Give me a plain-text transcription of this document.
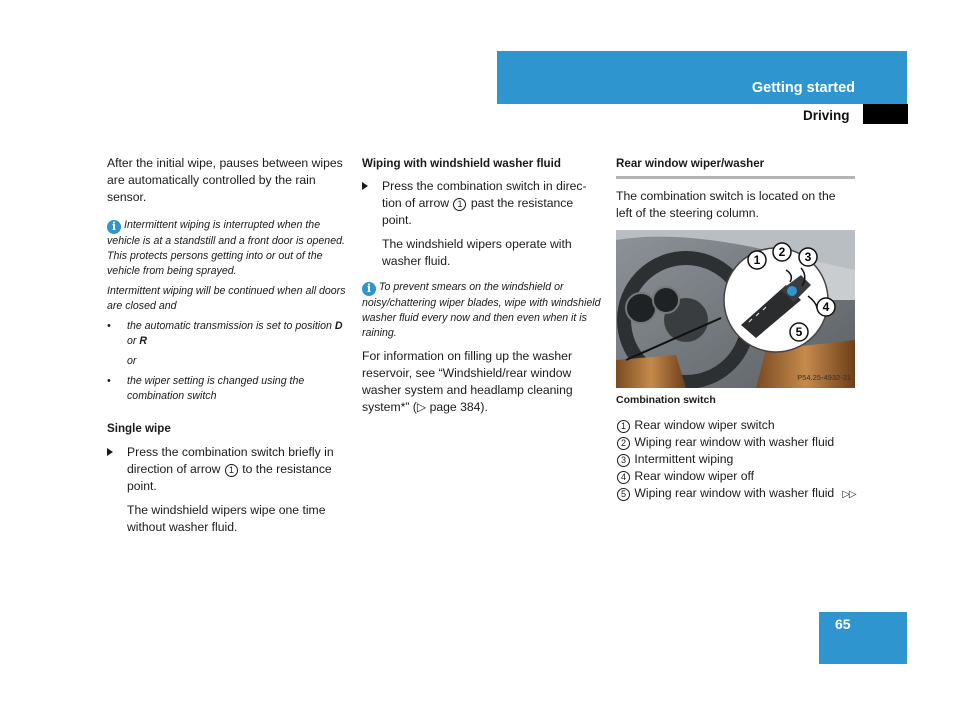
Getting started
Driving

After the initial wipe, pauses between wipes are automatically controlled by the rain sensor.

i Intermittent wiping is interrupted when the vehicle is at a standstill and a front door is opened. This protects persons getting into or out of the vehicle from being sprayed.

Intermittent wiping will be continued when all doors are closed and

• the automatic transmission is set to position D or R

or

• the wiper setting is changed using the combination switch

Single wipe

Press the combination switch briefly in direction of arrow 1 to the resistance point.

The windshield wipers wipe one time without washer fluid.

Wiping with windshield washer fluid

Press the combination switch in direc-tion of arrow 1 past the resistance point.

The windshield wipers operate with washer fluid.

i To prevent smears on the windshield or noisy/chattering wiper blades, wipe with windshield washer fluid every now and then even when it is raining.

For information on filling up the washer reservoir, see “Windshield/rear window washer system and headlamp cleaning system*” (▷ page 384).

Rear window wiper/washer

The combination switch is located on the left of the steering column.

1
2 3
4
5
P54.25-4932-31

Combination switch

1 Rear window wiper switch

2 Wiping rear window with washer fluid

3 Intermittent wiping

4 Rear window wiper off

5 Wiping rear window with washer fluid ▷▷

65
